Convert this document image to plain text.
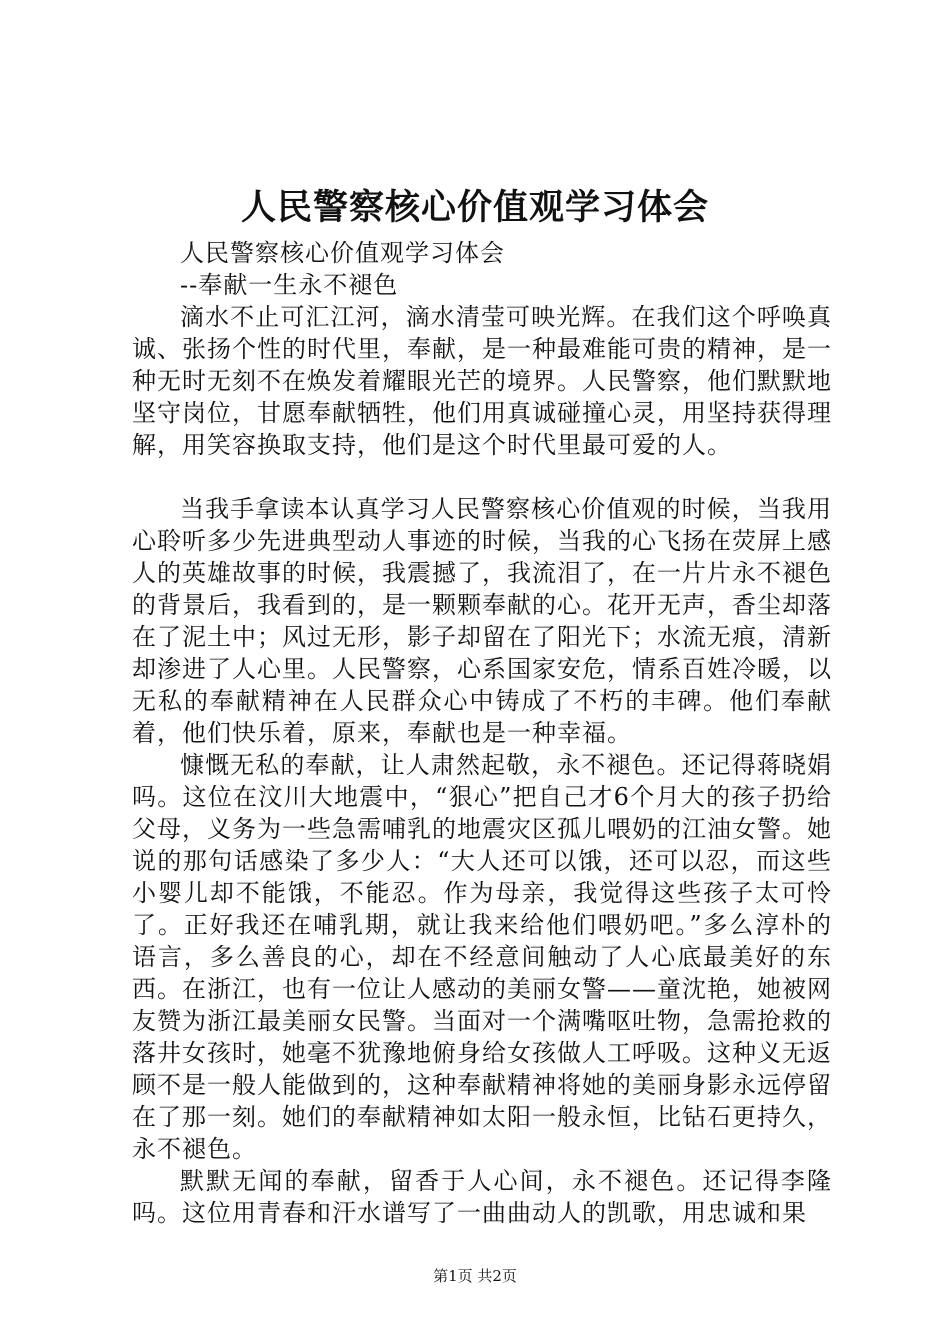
人民警察核心价值观学习体会

人民警察核心价值观学习体会

--奉献一生永不褪色

滴水不止可汇江河，滴水清莹可映光辉。在我们这个呼唤真诚、张扬个性的时代里，奉献，是一种最难能可贵的精神，是一种无时无刻不在焕发着耀眼光芒的境界。人民警察，他们默默地坚守岗位，甘愿奉献牺牲，他们用真诚碰撞心灵，用坚持获得理解，用笑容换取支持，他们是这个时代里最可爱的人。

当我手拿读本认真学习人民警察核心价值观的时候，当我用心聆听多少先进典型动人事迹的时候，当我的心飞扬在荧屏上感人的英雄故事的时候，我震撼了，我流泪了，在一片片永不褪色的背景后，我看到的，是一颗颗奉献的心。花开无声，香尘却落在了泥土中；风过无形，影子却留在了阳光下；水流无痕，清新却渗进了人心里。人民警察，心系国家安危，情系百姓冷暖，以无私的奉献精神在人民群众心中铸成了不朽的丰碑。他们奉献着，他们快乐着，原来，奉献也是一种幸福。

慷慨无私的奉献，让人肃然起敬，永不褪色。还记得蒋晓娟吗。这位在汶川大地震中，“狠心”把自己才6个月大的孩子扔给父母，义务为一些急需哺乳的地震灾区孤儿喂奶的江油女警。她说的那句话感染了多少人：“大人还可以饿，还可以忍，而这些小婴儿却不能饿，不能忍。作为母亲，我觉得这些孩子太可怜了。正好我还在哺乳期，就让我来给他们喂奶吧。”多么淳朴的语言，多么善良的心，却在不经意间触动了人心底最美好的东西。在浙江，也有一位让人感动的美丽女警——童沈艳，她被网友赞为浙江最美丽女民警。当面对一个满嘴呕吐物，急需抢救的落井女孩时，她毫不犹豫地俯身给女孩做人工呼吸。这种义无返顾不是一般人能做到的，这种奉献精神将她的美丽身影永远停留在了那一刻。她们的奉献精神如太阳一般永恒，比钻石更持久，永不褪色。

默默无闻的奉献，留香于人心间，永不褪色。还记得李隆吗。这位用青春和汗水谱写了一曲曲动人的凯歌，用忠诚和果

第1页 共2页
